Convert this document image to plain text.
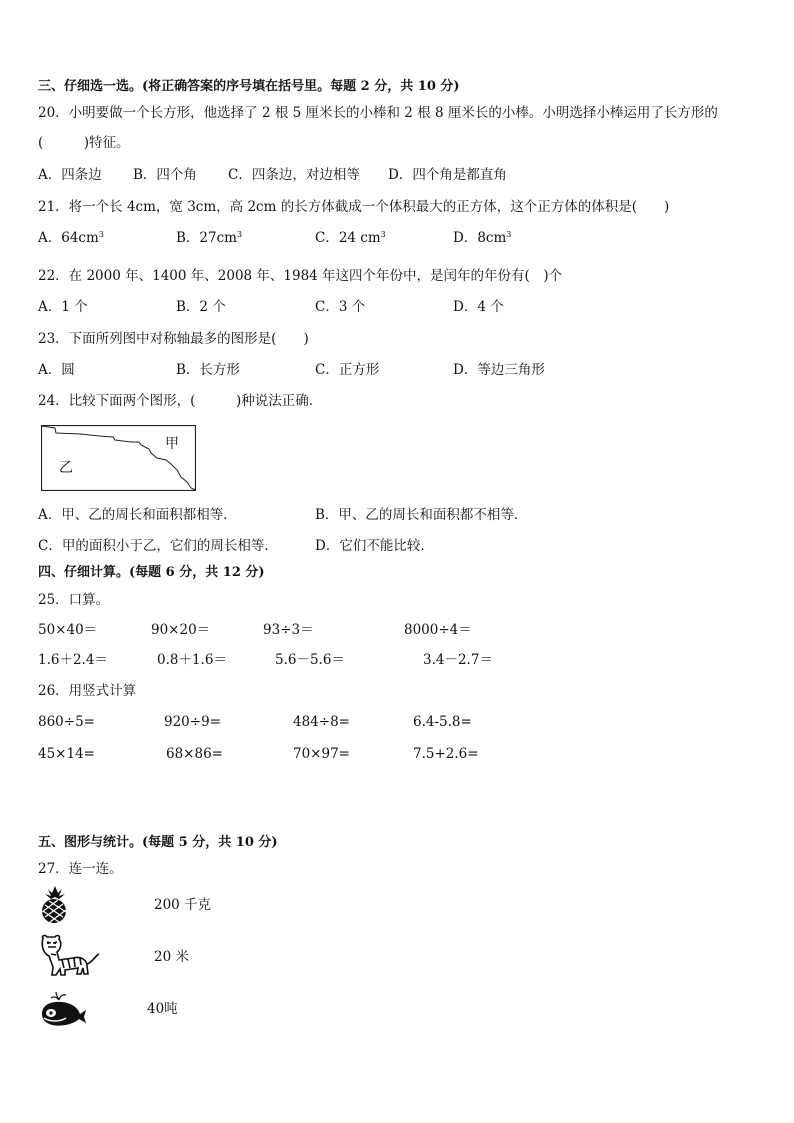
三、仔细选一选。(将正确答案的序号填在括号里。每题 2 分，共 10 分)
20．小明要做一个长方形，他选择了 2 根 5 厘米长的小棒和 2 根 8 厘米长的小棒。小明选择小棒运用了长方形的
(　　　)特征。
A．四条边 B．四个角 C．四条边，对边相等 D．四个角是都直角
21．将一个长 4cm，宽 3cm，高 2cm 的长方体截成一个体积最大的正方体，这个正方体的体积是(　　)
A．$64cm^3$	B．$27cm^3$	C．24 $cm^3$	D．$8cm^3$
22．在 2000 年、1400 年、2008 年、1984 年这四个年份中，是闰年的年份有(　)个
A．1 个	B．2 个	C．3 个	D．4 个
23．下面所列图中对称轴最多的图形是(　　)
A．圆	B．长方形	C．正方形	D．等边三角形
24．比较下面两个图形，(　　　)种说法正确．
甲
乙
A．甲、乙的周长和面积都相等．	B．甲、乙的周长和面积都不相等．
C．甲的面积小于乙，它们的周长相等．	D．它们不能比较．
四、仔细计算。(每题 6 分，共 12 分)
25．口算。
50×40＝	90×20＝	93÷3＝	8000÷4＝
1.6＋2.4＝	0.8＋1.6＝	5.6－5.6＝	3.4－2.7＝
26．用竖式计算
860÷5=	920÷9=	484÷8=	6.4-5.8=
45×14=	68×86=	70×97=	7.5+2.6=
五、图形与统计。(每题 5 分，共 10 分)
27．连一连。
200 千克
20 米
40吨
